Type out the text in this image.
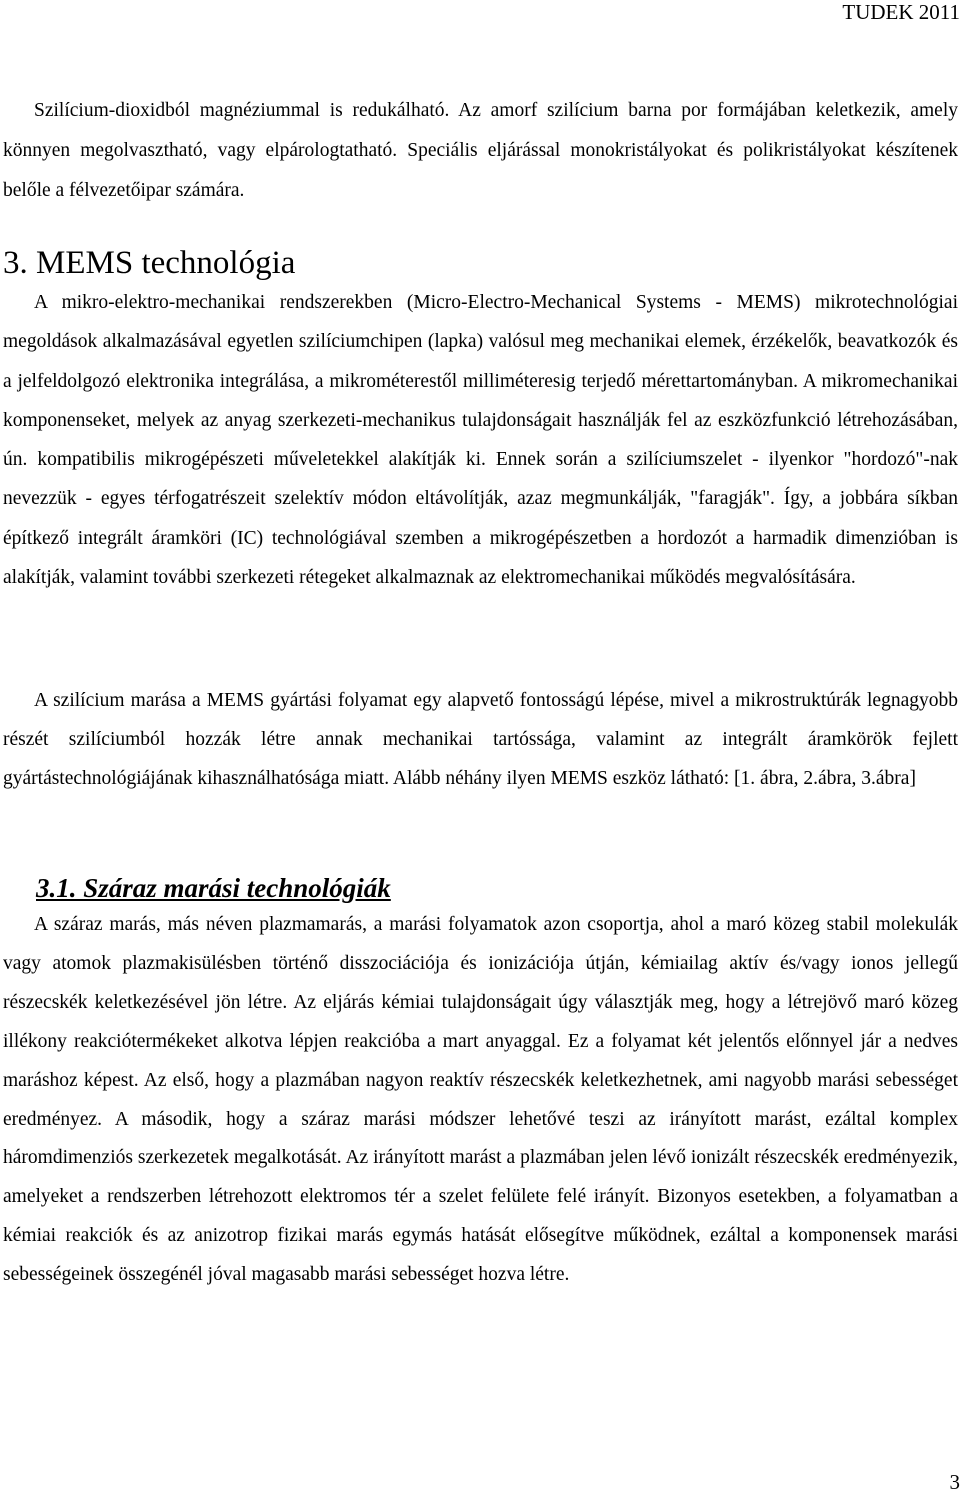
TUDEK 2011

Szilícium-dioxidból magnéziummal is redukálható. Az amorf szilícium barna por formájában keletkezik, amely könnyen megolvasztható, vagy elpárologtatható. Speciális eljárással monokristályokat és polikristályokat készítenek belőle a félvezetőipar számára.

3. MEMS technológia

A mikro-elektro-mechanikai rendszerekben (Micro-Electro-Mechanical Systems - MEMS) mikrotechnológiai megoldások alkalmazásával egyetlen szilíciumchipen (lapka) valósul meg mechanikai elemek, érzékelők, beavatkozók és a jelfeldolgozó elektronika integrálása, a mikrométerestől milliméteresig terjedő mérettartományban. A mikromechanikai komponenseket, melyek az anyag szerkezeti-mechanikus tulajdonságait használják fel az eszközfunkció létrehozásában, ún. kompatibilis mikrogépészeti műveletekkel alakítják ki. Ennek során a szilíciumszelet - ilyenkor "hordozó"-nak nevezzük - egyes térfogatrészeit szelektív módon eltávolítják, azaz megmunkálják, "faragják". Így, a jobbára síkban építkező integrált áramköri (IC) technológiával szemben a mikrogépészetben a hordozót a harmadik dimenzióban is alakítják, valamint további szerkezeti rétegeket alkalmaznak az elektromechanikai működés megvalósítására.

A szilícium marása a MEMS gyártási folyamat egy alapvető fontosságú lépése, mivel a mikrostruktúrák legnagyobb részét szilíciumból hozzák létre annak mechanikai tartóssága, valamint az integrált áramkörök fejlett gyártástechnológiájának kihasználhatósága miatt. Alább néhány ilyen MEMS eszköz látható: [1. ábra, 2.ábra, 3.ábra]

3.1. Száraz marási technológiák

A száraz marás, más néven plazmamarás, a marási folyamatok azon csoportja, ahol a maró közeg stabil molekulák vagy atomok plazmakisülésben történő disszociációja és ionizációja útján, kémiailag aktív és/vagy ionos jellegű részecskék keletkezésével jön létre. Az eljárás kémiai tulajdonságait úgy választják meg, hogy a létrejövő maró közeg illékony reakciótermékeket alkotva lépjen reakcióba a mart anyaggal. Ez a folyamat két jelentős előnnyel jár a nedves maráshoz képest. Az első, hogy a plazmában nagyon reaktív részecskék keletkezhetnek, ami nagyobb marási sebességet eredményez. A második, hogy a száraz marási módszer lehetővé teszi az irányított marást, ezáltal komplex háromdimenziós szerkezetek megalkotását. Az irányított marást a plazmában jelen lévő ionizált részecskék eredményezik, amelyeket a rendszerben létrehozott elektromos tér a szelet felülete felé irányít. Bizonyos esetekben, a folyamatban a kémiai reakciók és az anizotrop fizikai marás egymás hatását elősegítve működnek, ezáltal a komponensek marási sebességeinek összegénél jóval magasabb marási sebességet hozva létre.

3
